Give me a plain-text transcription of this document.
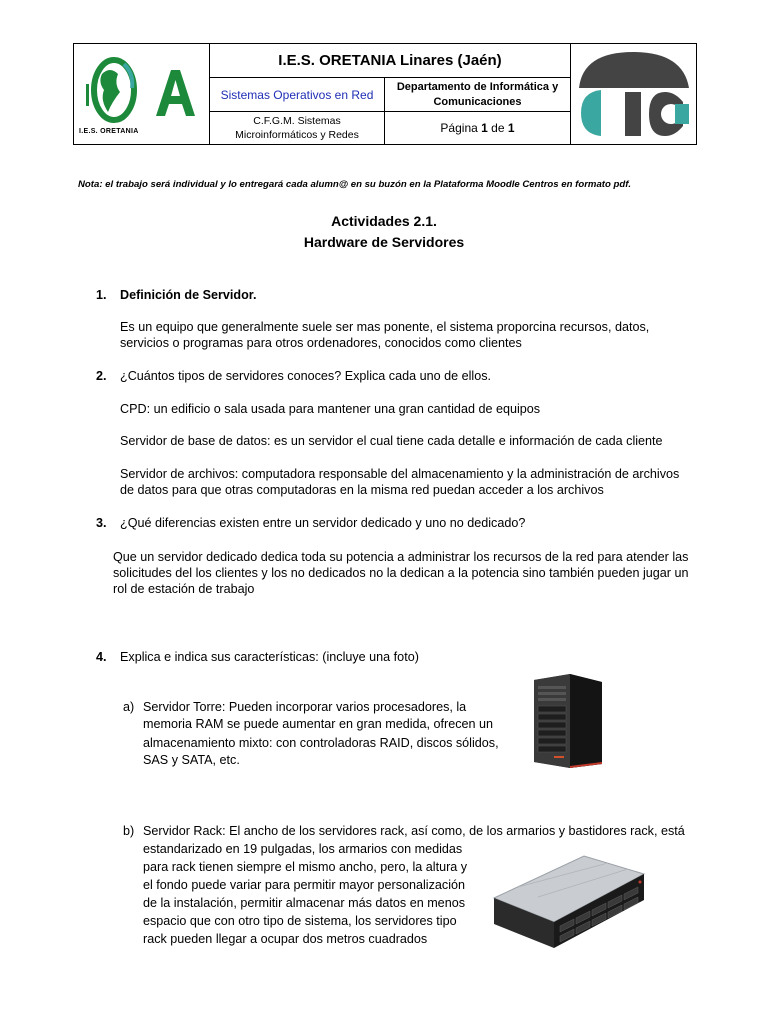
I.E.S. ORETANIA
I.E.S. ORETANIA Linares (Jaén)
Sistemas Operativos en Red
Departamento de Informática y
Comunicaciones
C.F.G.M. Sistemas
Microinformáticos y Redes	Página
1
de
1
Nota: el trabajo será individual y lo entregará cada alumn@ en su buzón en la Plataforma Moodle Centros en formato pdf.
Actividades 2.1.
Hardware de Servidores
1. Definición de Servidor.
Es un equipo que generalmente suele ser mas ponente, el sistema proporcina recursos, datos,
servicios o programas para otros ordenadores, conocidos como clientes
2. ¿Cuántos tipos de servidores conoces? Explica cada uno de ellos.
CPD: un edificio o sala usada para mantener una gran cantidad de equipos
Servidor de base de datos: es un servidor el cual tiene cada detalle e información de cada cliente
Servidor de archivos: computadora responsable del almacenamiento y la administración de archivos
de datos para que otras computadoras en la misma red puedan acceder a los archivos
3. ¿Qué diferencias existen entre un servidor dedicado y uno no dedicado?
Que un servidor dedicado dedica toda su potencia a administrar los recursos de la red para atender las
solicitudes del los clientes y los no dedicados no la dedican a la potencia sino también pueden jugar un
rol de estación de trabajo
4. Explica e indica sus características: (incluye una foto)
a) Servidor Torre: Pueden incorporar varios procesadores, la
memoria RAM se puede aumentar en gran medida, ofrecen un
almacenamiento mixto: con controladoras RAID, discos sólidos,
SAS y SATA, etc.
b) Servidor Rack: El ancho de los servidores rack, así como, de los armarios y bastidores rack, está
estandarizado en 19 pulgadas, los armarios con medidas
para rack tienen siempre el mismo ancho, pero, la altura y
el fondo puede variar para permitir mayor personalización
de la instalación, permitir almacenar más datos en menos
espacio que con otro tipo de sistema, los servidores tipo
rack pueden llegar a ocupar dos metros cuadrados
